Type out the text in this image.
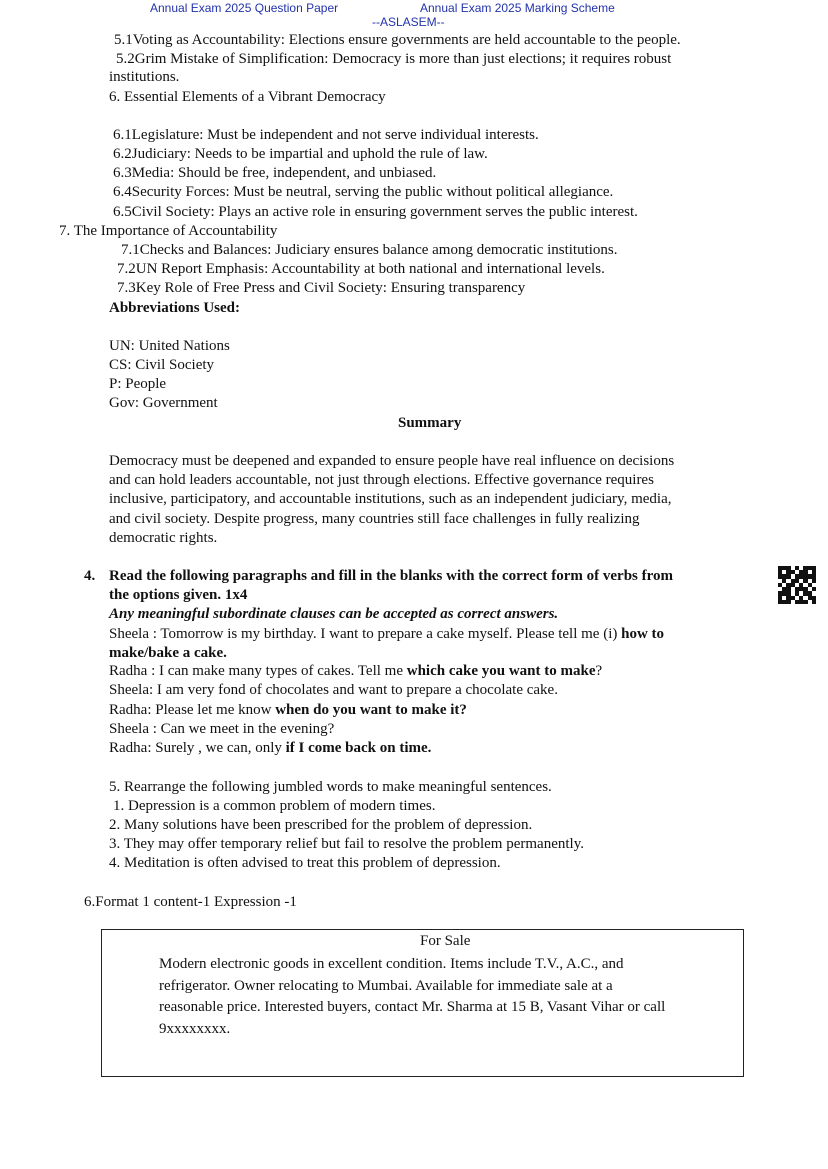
Annual Exam 2025 Question Paper	Annual Exam 2025 Marking Scheme
--ASLASEM--
5.1Voting as Accountability: Elections ensure governments are held accountable to the people.
5.2Grim Mistake of Simplification: Democracy is more than just elections; it requires robust
institutions.
6. Essential Elements of a Vibrant Democracy
6.1Legislature: Must be independent and not serve individual interests.
6.2Judiciary: Needs to be impartial and uphold the rule of law.
6.3Media: Should be free, independent, and unbiased.
6.4Security Forces: Must be neutral, serving the public without political allegiance.
6.5Civil Society: Plays an active role in ensuring government serves the public interest.
7. The Importance of Accountability
7.1Checks and Balances: Judiciary ensures balance among democratic institutions.
7.2UN Report Emphasis: Accountability at both national and international levels.
7.3Key Role of Free Press and Civil Society: Ensuring transparency
Abbreviations Used:
UN: United Nations
CS: Civil Society
P: People
Gov: Government
Summary
Democracy must be deepened and expanded to ensure people have real influence on decisions
and can hold leaders accountable, not just through elections. Effective governance requires
inclusive, participatory, and accountable institutions, such as an independent judiciary, media,
and civil society. Despite progress, many countries still face challenges in fully realizing
democratic rights.
4. Read the following paragraphs and fill in the blanks with the correct form of verbs from
the options given. 1x4
Any meaningful subordinate clauses can be accepted as correct answers.
Sheela : Tomorrow is my birthday. I want to prepare a cake myself. Please tell me (i) how to
make/bake a cake.
Radha : I can make many types of cakes. Tell me which cake you want to make?
Sheela: I am very fond of chocolates and want to prepare a chocolate cake.
Radha: Please let me know when do you want to make it?
Sheela : Can we meet in the evening?
Radha: Surely , we can, only if I come back on time.
5. Rearrange the following jumbled words to make meaningful sentences.
1. Depression is a common problem of modern times.
2. Many solutions have been prescribed for the problem of depression.
3. They may offer temporary relief but fail to resolve the problem permanently.
4. Meditation is often advised to treat this problem of depression.
6.Format 1 content-1 Expression -1
For Sale
Modern electronic goods in excellent condition. Items include T.V., A.C., and
refrigerator. Owner relocating to Mumbai. Available for immediate sale at a
reasonable price. Interested buyers, contact Mr. Sharma at 15 B, Vasant Vihar or call
9xxxxxxxx.
